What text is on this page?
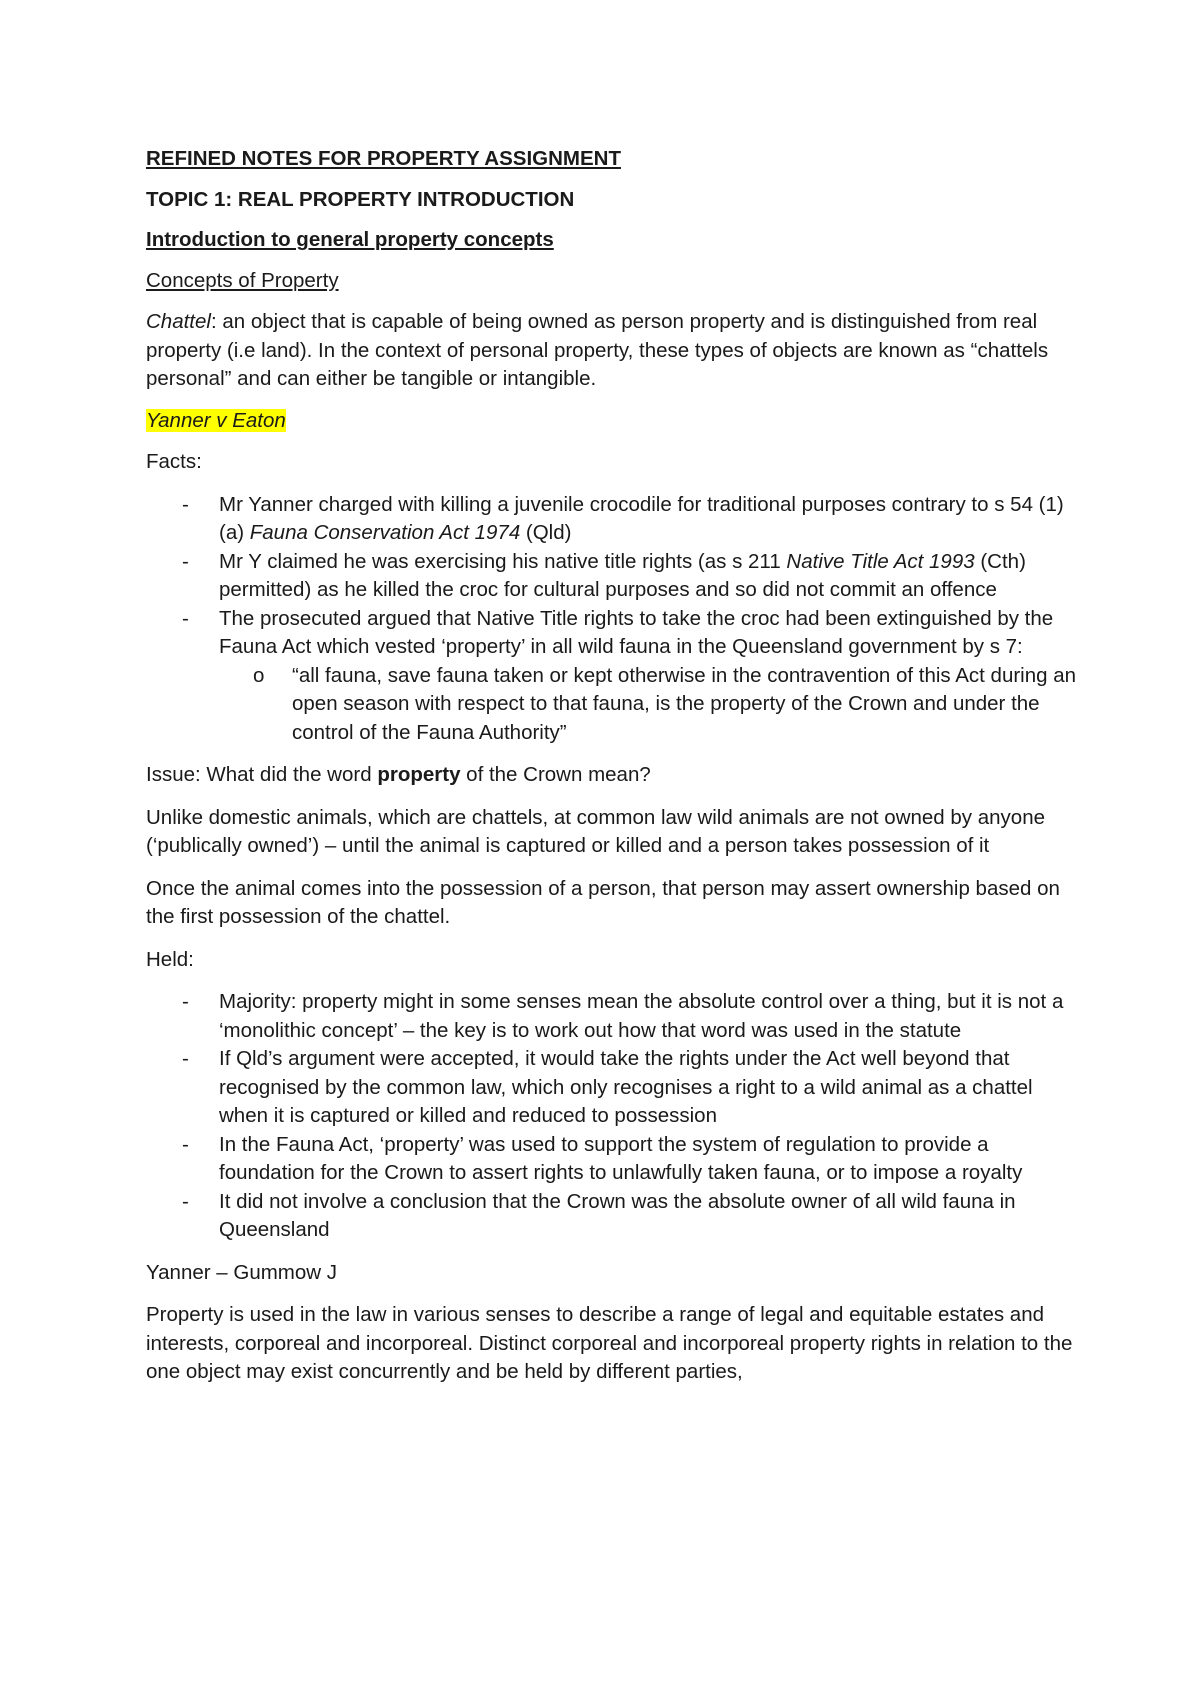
REFINED NOTES FOR PROPERTY ASSIGNMENT

TOPIC 1: REAL PROPERTY INTRODUCTION

Introduction to general property concepts

Concepts of Property

Chattel: an object that is capable of being owned as person property and is distinguished from real property (i.e land). In the context of personal property, these types of objects are known as “chattels personal” and can either be tangible or intangible.

Yanner v Eaton

Facts:

- Mr Yanner charged with killing a juvenile crocodile for traditional purposes contrary to s 54 (1) (a) Fauna Conservation Act 1974 (Qld)
- Mr Y claimed he was exercising his native title rights (as s 211 Native Title Act 1993 (Cth) permitted) as he killed the croc for cultural purposes and so did not commit an offence
- The prosecuted argued that Native Title rights to take the croc had been extinguished by the Fauna Act which vested ‘property’ in all wild fauna in the Queensland government by s 7:
o “all fauna, save fauna taken or kept otherwise in the contravention of this Act during an open season with respect to that fauna, is the property of the Crown and under the control of the Fauna Authority”

Issue: What did the word property of the Crown mean?

Unlike domestic animals, which are chattels, at common law wild animals are not owned by anyone (‘publically owned’) – until the animal is captured or killed and a person takes possession of it

Once the animal comes into the possession of a person, that person may assert ownership based on the first possession of the chattel.

Held:

- Majority: property might in some senses mean the absolute control over a thing, but it is not a ‘monolithic concept’ – the key is to work out how that word was used in the statute
- If Qld’s argument were accepted, it would take the rights under the Act well beyond that recognised by the common law, which only recognises a right to a wild animal as a chattel when it is captured or killed and reduced to possession
- In the Fauna Act, ‘property’ was used to support the system of regulation to provide a foundation for the Crown to assert rights to unlawfully taken fauna, or to impose a royalty
- It did not involve a conclusion that the Crown was the absolute owner of all wild fauna in Queensland

Yanner – Gummow J

Property is used in the law in various senses to describe a range of legal and equitable estates and interests, corporeal and incorporeal. Distinct corporeal and incorporeal property rights in relation to the one object may exist concurrently and be held by different parties,
